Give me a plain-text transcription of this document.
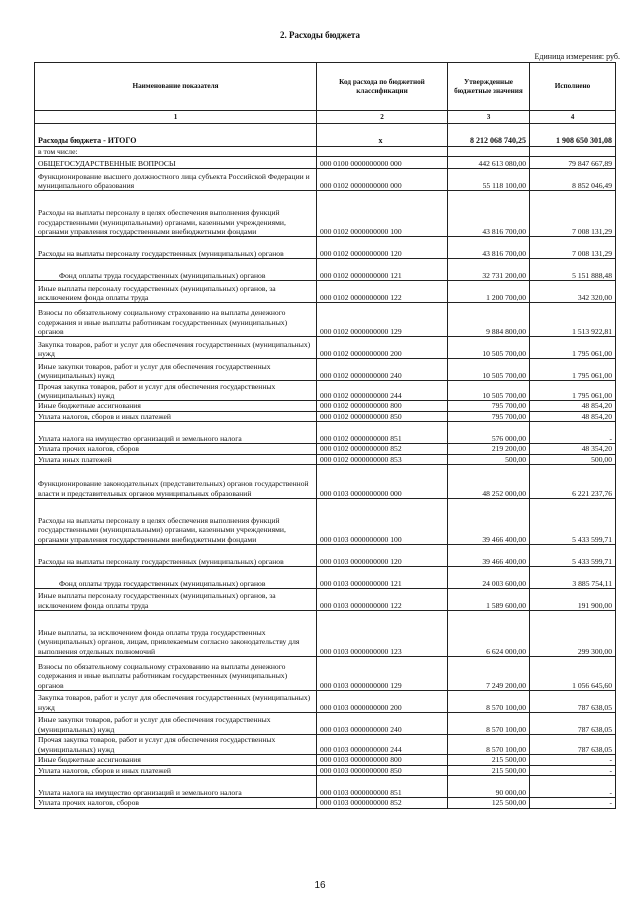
2. Расходы бюджета
Единица измерения: руб.
Наименование показателя	Код расхода по бюджетной классификации	Утвержденные бюджетные значения	Исполнено
1	2	3	4
Расходы бюджета - ИТОГО	x	8 212 068 740,25	1 908 650 301,08
в том числе:			
ОБЩЕГОСУДАРСТВЕННЫЕ ВОПРОСЫ	000 0100 0000000000 000	442 613 080,00	79 847 667,89
Функционирование высшего должностного лица субъекта Российской Федерации и муниципального образования	000 0102 0000000000 000	55 118 100,00	8 852 046,49
Расходы на выплаты персоналу в целях обеспечения выполнения функций государственными (муниципальными) органами, казенными учреждениями, органами управления государственными внебюджетными фондами	000 0102 0000000000 100	43 816 700,00	7 008 131,29
Расходы на выплаты персоналу государственных (муниципальных) органов	000 0102 0000000000 120	43 816 700,00	7 008 131,29
Фонд оплаты труда государственных (муниципальных) органов	000 0102 0000000000 121	32 731 200,00	5 151 888,48
Иные выплаты персоналу государственных (муниципальных) органов, за исключением фонда оплаты труда	000 0102 0000000000 122	1 200 700,00	342 320,00
Взносы по обязательному социальному страхованию на выплаты денежного содержания и иные выплаты работникам государственных (муниципальных) органов	000 0102 0000000000 129	9 884 800,00	1 513 922,81
Закупка товаров, работ и услуг для обеспечения государственных (муниципальных) нужд	000 0102 0000000000 200	10 505 700,00	1 795 061,00
Иные закупки товаров, работ и услуг для обеспечения государственных (муниципальных) нужд	000 0102 0000000000 240	10 505 700,00	1 795 061,00
Прочая закупка товаров, работ и услуг для обеспечения государственных (муниципальных) нужд	000 0102 0000000000 244	10 505 700,00	1 795 061,00
Иные бюджетные ассигнования	000 0102 0000000000 800	795 700,00	48 854,20
Уплата налогов, сборов и иных платежей	000 0102 0000000000 850	795 700,00	48 854,20
Уплата налога на имущество организаций и земельного налога	000 0102 0000000000 851	576 000,00	-
Уплата прочих налогов, сборов	000 0102 0000000000 852	219 200,00	48 354,20
Уплата иных платежей	000 0102 0000000000 853	500,00	500,00
Функционирование законодательных (представительных) органов государственной власти и представительных органов муниципальных образований	000 0103 0000000000 000	48 252 000,00	6 221 237,76
Расходы на выплаты персоналу в целях обеспечения выполнения функций государственными (муниципальными) органами, казенными учреждениями, органами управления государственными внебюджетными фондами	000 0103 0000000000 100	39 466 400,00	5 433 599,71
Расходы на выплаты персоналу государственных (муниципальных) органов	000 0103 0000000000 120	39 466 400,00	5 433 599,71
Фонд оплаты труда государственных (муниципальных) органов	000 0103 0000000000 121	24 003 600,00	3 885 754,11
Иные выплаты персоналу государственных (муниципальных) органов, за исключением фонда оплаты труда	000 0103 0000000000 122	1 589 600,00	191 900,00
Иные выплаты, за исключением фонда оплаты труда государственных (муниципальных) органов, лицам, привлекаемым согласно законодательству для выполнения отдельных полномочий	000 0103 0000000000 123	6 624 000,00	299 300,00
Взносы по обязательному социальному страхованию на выплаты денежного содержания и иные выплаты работникам государственных (муниципальных) органов	000 0103 0000000000 129	7 249 200,00	1 056 645,60
Закупка товаров, работ и услуг для обеспечения государственных (муниципальных) нужд	000 0103 0000000000 200	8 570 100,00	787 638,05
Иные закупки товаров, работ и услуг для обеспечения государственных (муниципальных) нужд	000 0103 0000000000 240	8 570 100,00	787 638,05
Прочая закупка товаров, работ и услуг для обеспечения государственных (муниципальных) нужд	000 0103 0000000000 244	8 570 100,00	787 638,05
Иные бюджетные ассигнования	000 0103 0000000000 800	215 500,00	-
Уплата налогов, сборов и иных платежей	000 0103 0000000000 850	215 500,00	-
Уплата налога на имущество организаций и земельного налога	000 0103 0000000000 851	90 000,00	-
Уплата прочих налогов, сборов	000 0103 0000000000 852	125 500,00	-
16
